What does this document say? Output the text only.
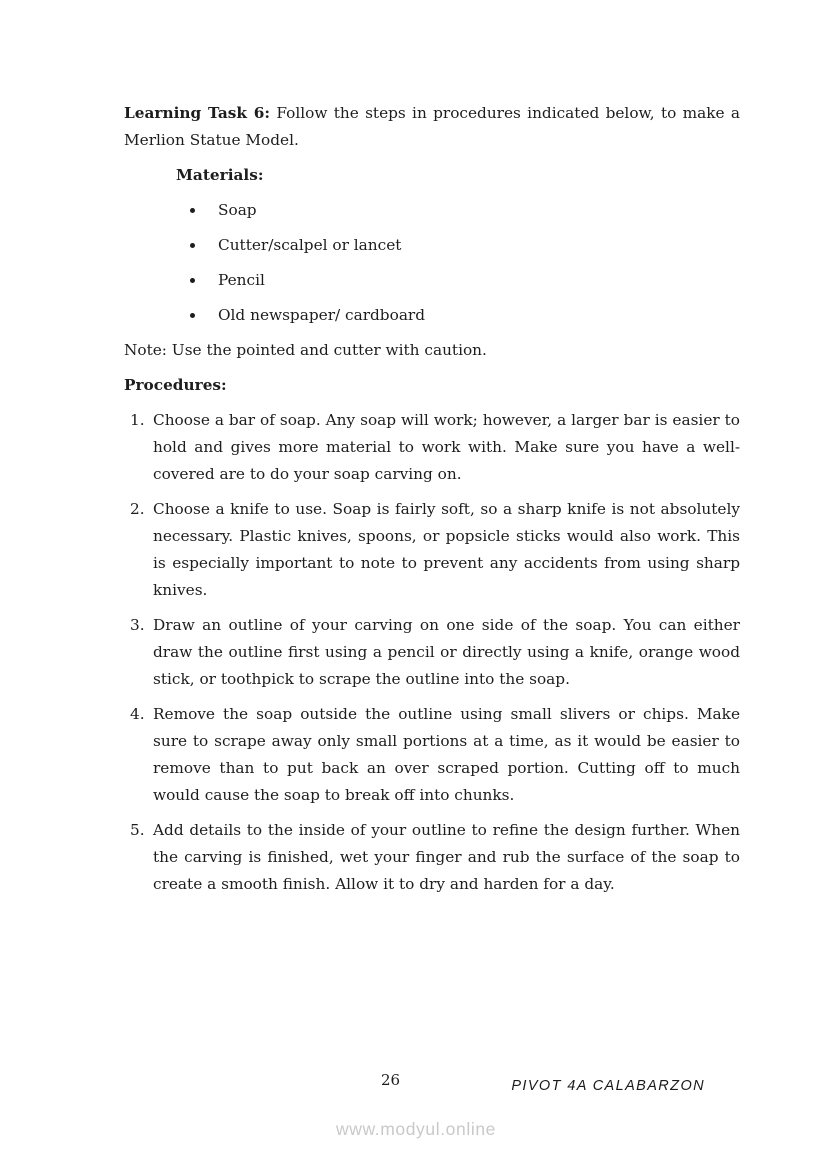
Learning Task 6: Follow the steps in procedures indicated below, to make a Merlion Statue Model.

Materials:

Soap
Cutter/scalpel or lancet
Pencil
Old newspaper/ cardboard

Note: Use the pointed and cutter with caution.

Procedures:

1. Choose a bar of soap. Any soap will work; however, a larger bar is easier to hold and gives more material to work with. Make sure you have a well-covered are to do your soap carving on.
2. Choose a knife to use. Soap is fairly soft, so a sharp knife is not absolutely necessary. Plastic knives, spoons, or popsicle sticks would also work. This is especially important to note to prevent any accidents from using sharp knives.
3. Draw an outline of your carving on one side of the soap. You can either draw the outline first using a pencil or directly using a knife, orange wood stick, or toothpick to scrape the outline into the soap.
4. Remove the soap outside the outline using small slivers or chips. Make sure to scrape away only small portions at a time, as it would be easier to remove than to put back an over scraped portion. Cutting off to much would cause the soap to break off into chunks.
5. Add details to the inside of your outline to refine the design further. When the carving is finished, wet your finger and rub the surface of the soap to create a smooth finish. Allow it to dry and harden for a day.
26	PIVOT 4A CALABARZON
www.modyul.online
